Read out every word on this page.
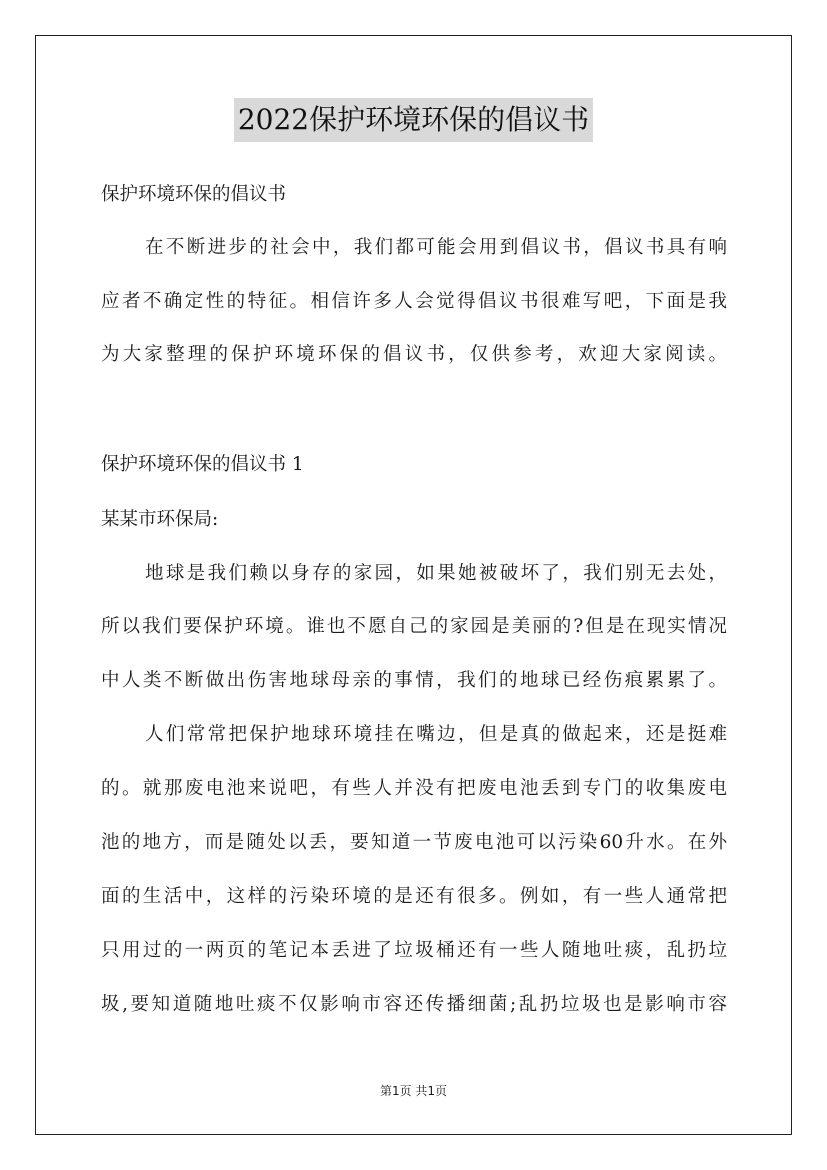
2022保护环境环保的倡议书
保护环境环保的倡议书
在不断进步的社会中，我们都可能会用到倡议书，倡议书具有响
应者不确定性的特征。相信许多人会觉得倡议书很难写吧，下面是我
为大家整理的保护环境环保的倡议书，仅供参考，欢迎大家阅读。
保护环境环保的倡议书 1
某某市环保局:
地球是我们赖以身存的家园，如果她被破坏了，我们别无去处，
所以我们要保护环境。谁也不愿自己的家园是美丽的?但是在现实情况
中人类不断做出伤害地球母亲的事情，我们的地球已经伤痕累累了。
人们常常把保护地球环境挂在嘴边，但是真的做起来，还是挺难
的。就那废电池来说吧，有些人并没有把废电池丢到专门的收集废电
池的地方，而是随处以丢，要知道一节废电池可以污染60升水。在外
面的生活中，这样的污染环境的是还有很多。例如，有一些人通常把
只用过的一两页的笔记本丢进了垃圾桶还有一些人随地吐痰，乱扔垃
圾,要知道随地吐痰不仅影响市容还传播细菌;乱扔垃圾也是影响市容
第1页 共1页
